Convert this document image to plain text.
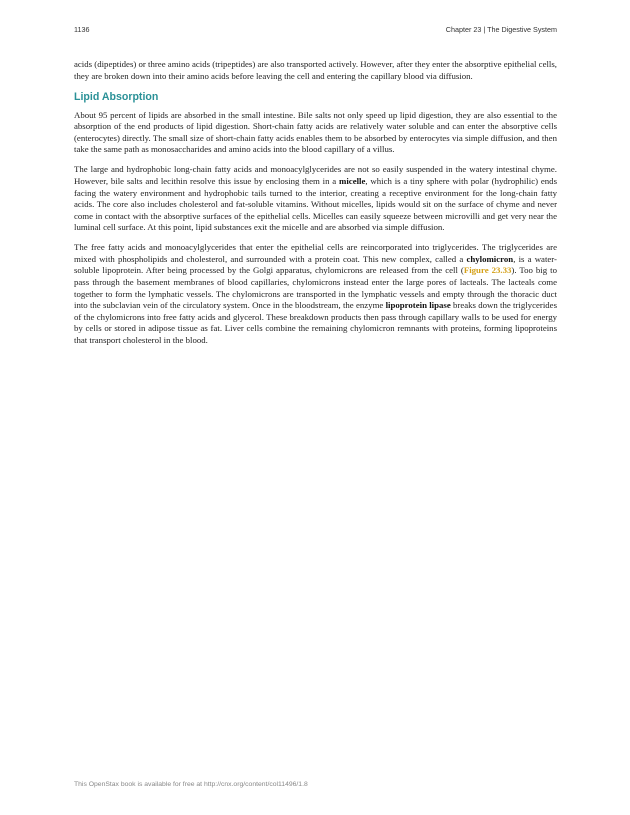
1136	Chapter 23 | The Digestive System

acids (dipeptides) or three amino acids (tripeptides) are also transported actively. However, after they enter the absorptive epithelial cells, they are broken down into their amino acids before leaving the cell and entering the capillary blood via diffusion.

Lipid Absorption

About 95 percent of lipids are absorbed in the small intestine. Bile salts not only speed up lipid digestion, they are also essential to the absorption of the end products of lipid digestion. Short-chain fatty acids are relatively water soluble and can enter the absorptive cells (enterocytes) directly. The small size of short-chain fatty acids enables them to be absorbed by enterocytes via simple diffusion, and then take the same path as monosaccharides and amino acids into the blood capillary of a villus.

The large and hydrophobic long-chain fatty acids and monoacylglycerides are not so easily suspended in the watery intestinal chyme. However, bile salts and lecithin resolve this issue by enclosing them in a micelle, which is a tiny sphere with polar (hydrophilic) ends facing the watery environment and hydrophobic tails turned to the interior, creating a receptive environment for the long-chain fatty acids. The core also includes cholesterol and fat-soluble vitamins. Without micelles, lipids would sit on the surface of chyme and never come in contact with the absorptive surfaces of the epithelial cells. Micelles can easily squeeze between microvilli and get very near the luminal cell surface. At this point, lipid substances exit the micelle and are absorbed via simple diffusion.

The free fatty acids and monoacylglycerides that enter the epithelial cells are reincorporated into triglycerides. The triglycerides are mixed with phospholipids and cholesterol, and surrounded with a protein coat. This new complex, called a chylomicron, is a water-soluble lipoprotein. After being processed by the Golgi apparatus, chylomicrons are released from the cell (Figure 23.33). Too big to pass through the basement membranes of blood capillaries, chylomicrons instead enter the large pores of lacteals. The lacteals come together to form the lymphatic vessels. The chylomicrons are transported in the lymphatic vessels and empty through the thoracic duct into the subclavian vein of the circulatory system. Once in the bloodstream, the enzyme lipoprotein lipase breaks down the triglycerides of the chylomicrons into free fatty acids and glycerol. These breakdown products then pass through capillary walls to be used for energy by cells or stored in adipose tissue as fat. Liver cells combine the remaining chylomicron remnants with proteins, forming lipoproteins that transport cholesterol in the blood.

This OpenStax book is available for free at http://cnx.org/content/col11496/1.8
